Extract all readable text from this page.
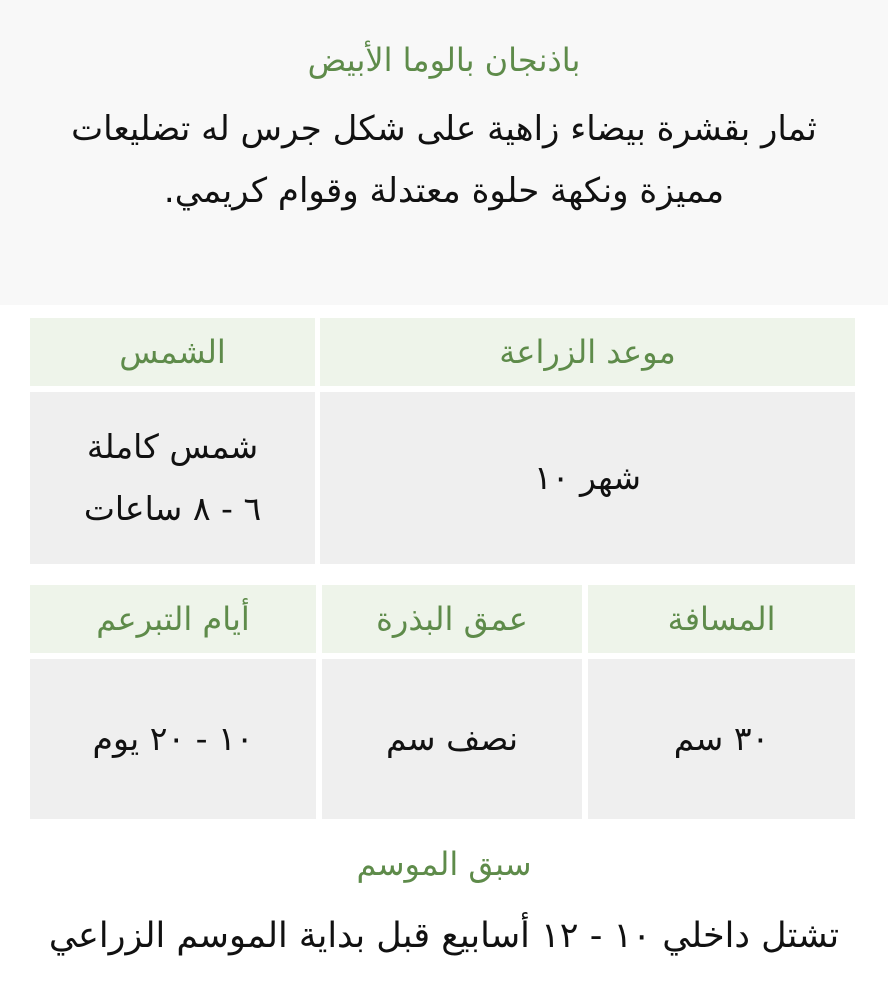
باذنجان بالوما الأبيض
ثمار بقشرة بيضاء زاهية على شكل جرس له تضليعات مميزة ونكهة حلوة معتدلة وقوام كريمي.
موعد الزراعة
الشمس
شهر ١٠
شمس كاملة
٦ - ٨ ساعات
المسافة
عمق البذرة
أيام التبرعم
٣٠ سم
نصف سم
١٠ - ٢٠ يوم
سبق الموسم
تشتل داخلي ١٠ - ١٢ أسابيع قبل بداية الموسم الزراعي
